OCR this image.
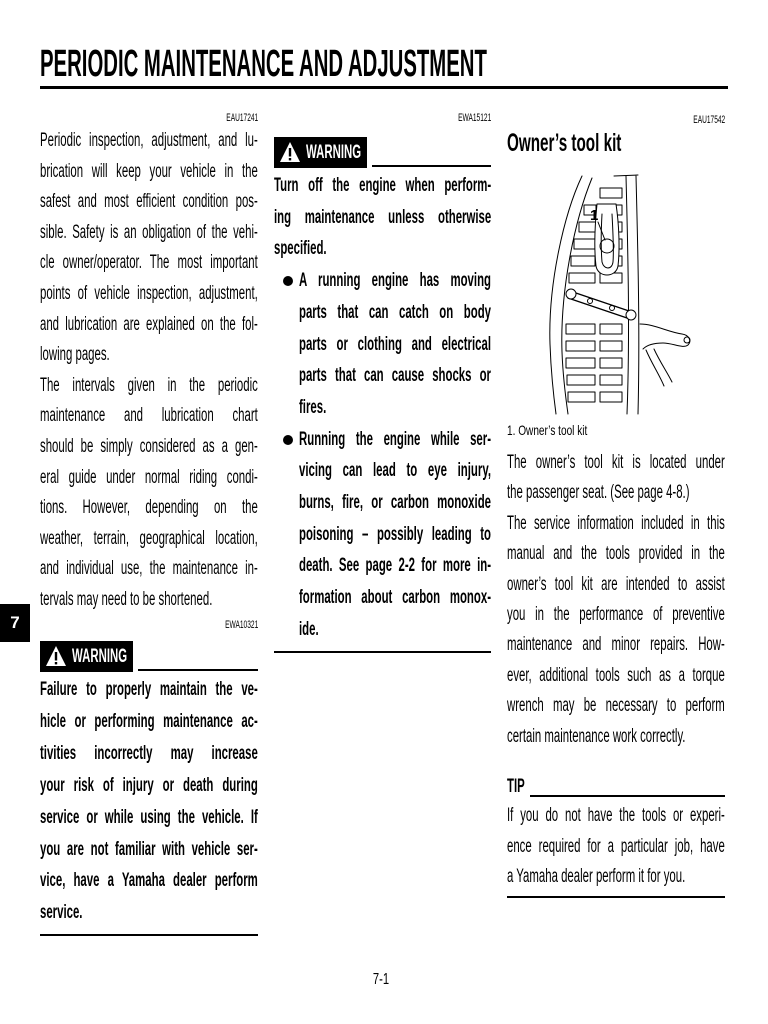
PERIODIC MAINTENANCE AND ADJUSTMENT
7
EAU17241
Periodic inspection, adjustment, and lu-
brication will keep your vehicle in the
safest and most efficient condition pos-
sible. Safety is an obligation of the vehi-
cle owner/operator. The most important
points of vehicle inspection, adjustment,
and lubrication are explained on the fol-
lowing pages.
The intervals given in the periodic
maintenance and lubrication chart
should be simply considered as a gen-
eral guide under normal riding condi-
tions. However, depending on the
weather, terrain, geographical location,
and individual use, the maintenance in-
tervals may need to be shortened.
EWA10321
WARNING
Failure to properly maintain the ve-
hicle or performing maintenance ac-
tivities incorrectly may increase
your risk of injury or death during
service or while using the vehicle. If
you are not familiar with vehicle ser-
vice, have a Yamaha dealer perform
service.
EWA15121
WARNING
Turn off the engine when perform-
ing maintenance unless otherwise
specified.
A running engine has moving
parts that can catch on body
parts or clothing and electrical
parts that can cause shocks or
fires.
Running the engine while ser-
vicing can lead to eye injury,
burns, fire, or carbon monoxide
poisoning – possibly leading to
death. See page 2-2 for more in-
formation about carbon monox-
ide.
EAU17542
Owner’s tool kit
1
1. Owner’s tool kit
The owner’s tool kit is located under
the passenger seat. (See page 4-8.)
The service information included in this
manual and the tools provided in the
owner’s tool kit are intended to assist
you in the performance of preventive
maintenance and minor repairs. How-
ever, additional tools such as a torque
wrench may be necessary to perform
certain maintenance work correctly.
TIP
If you do not have the tools or experi-
ence required for a particular job, have
a Yamaha dealer perform it for you.
7-1
